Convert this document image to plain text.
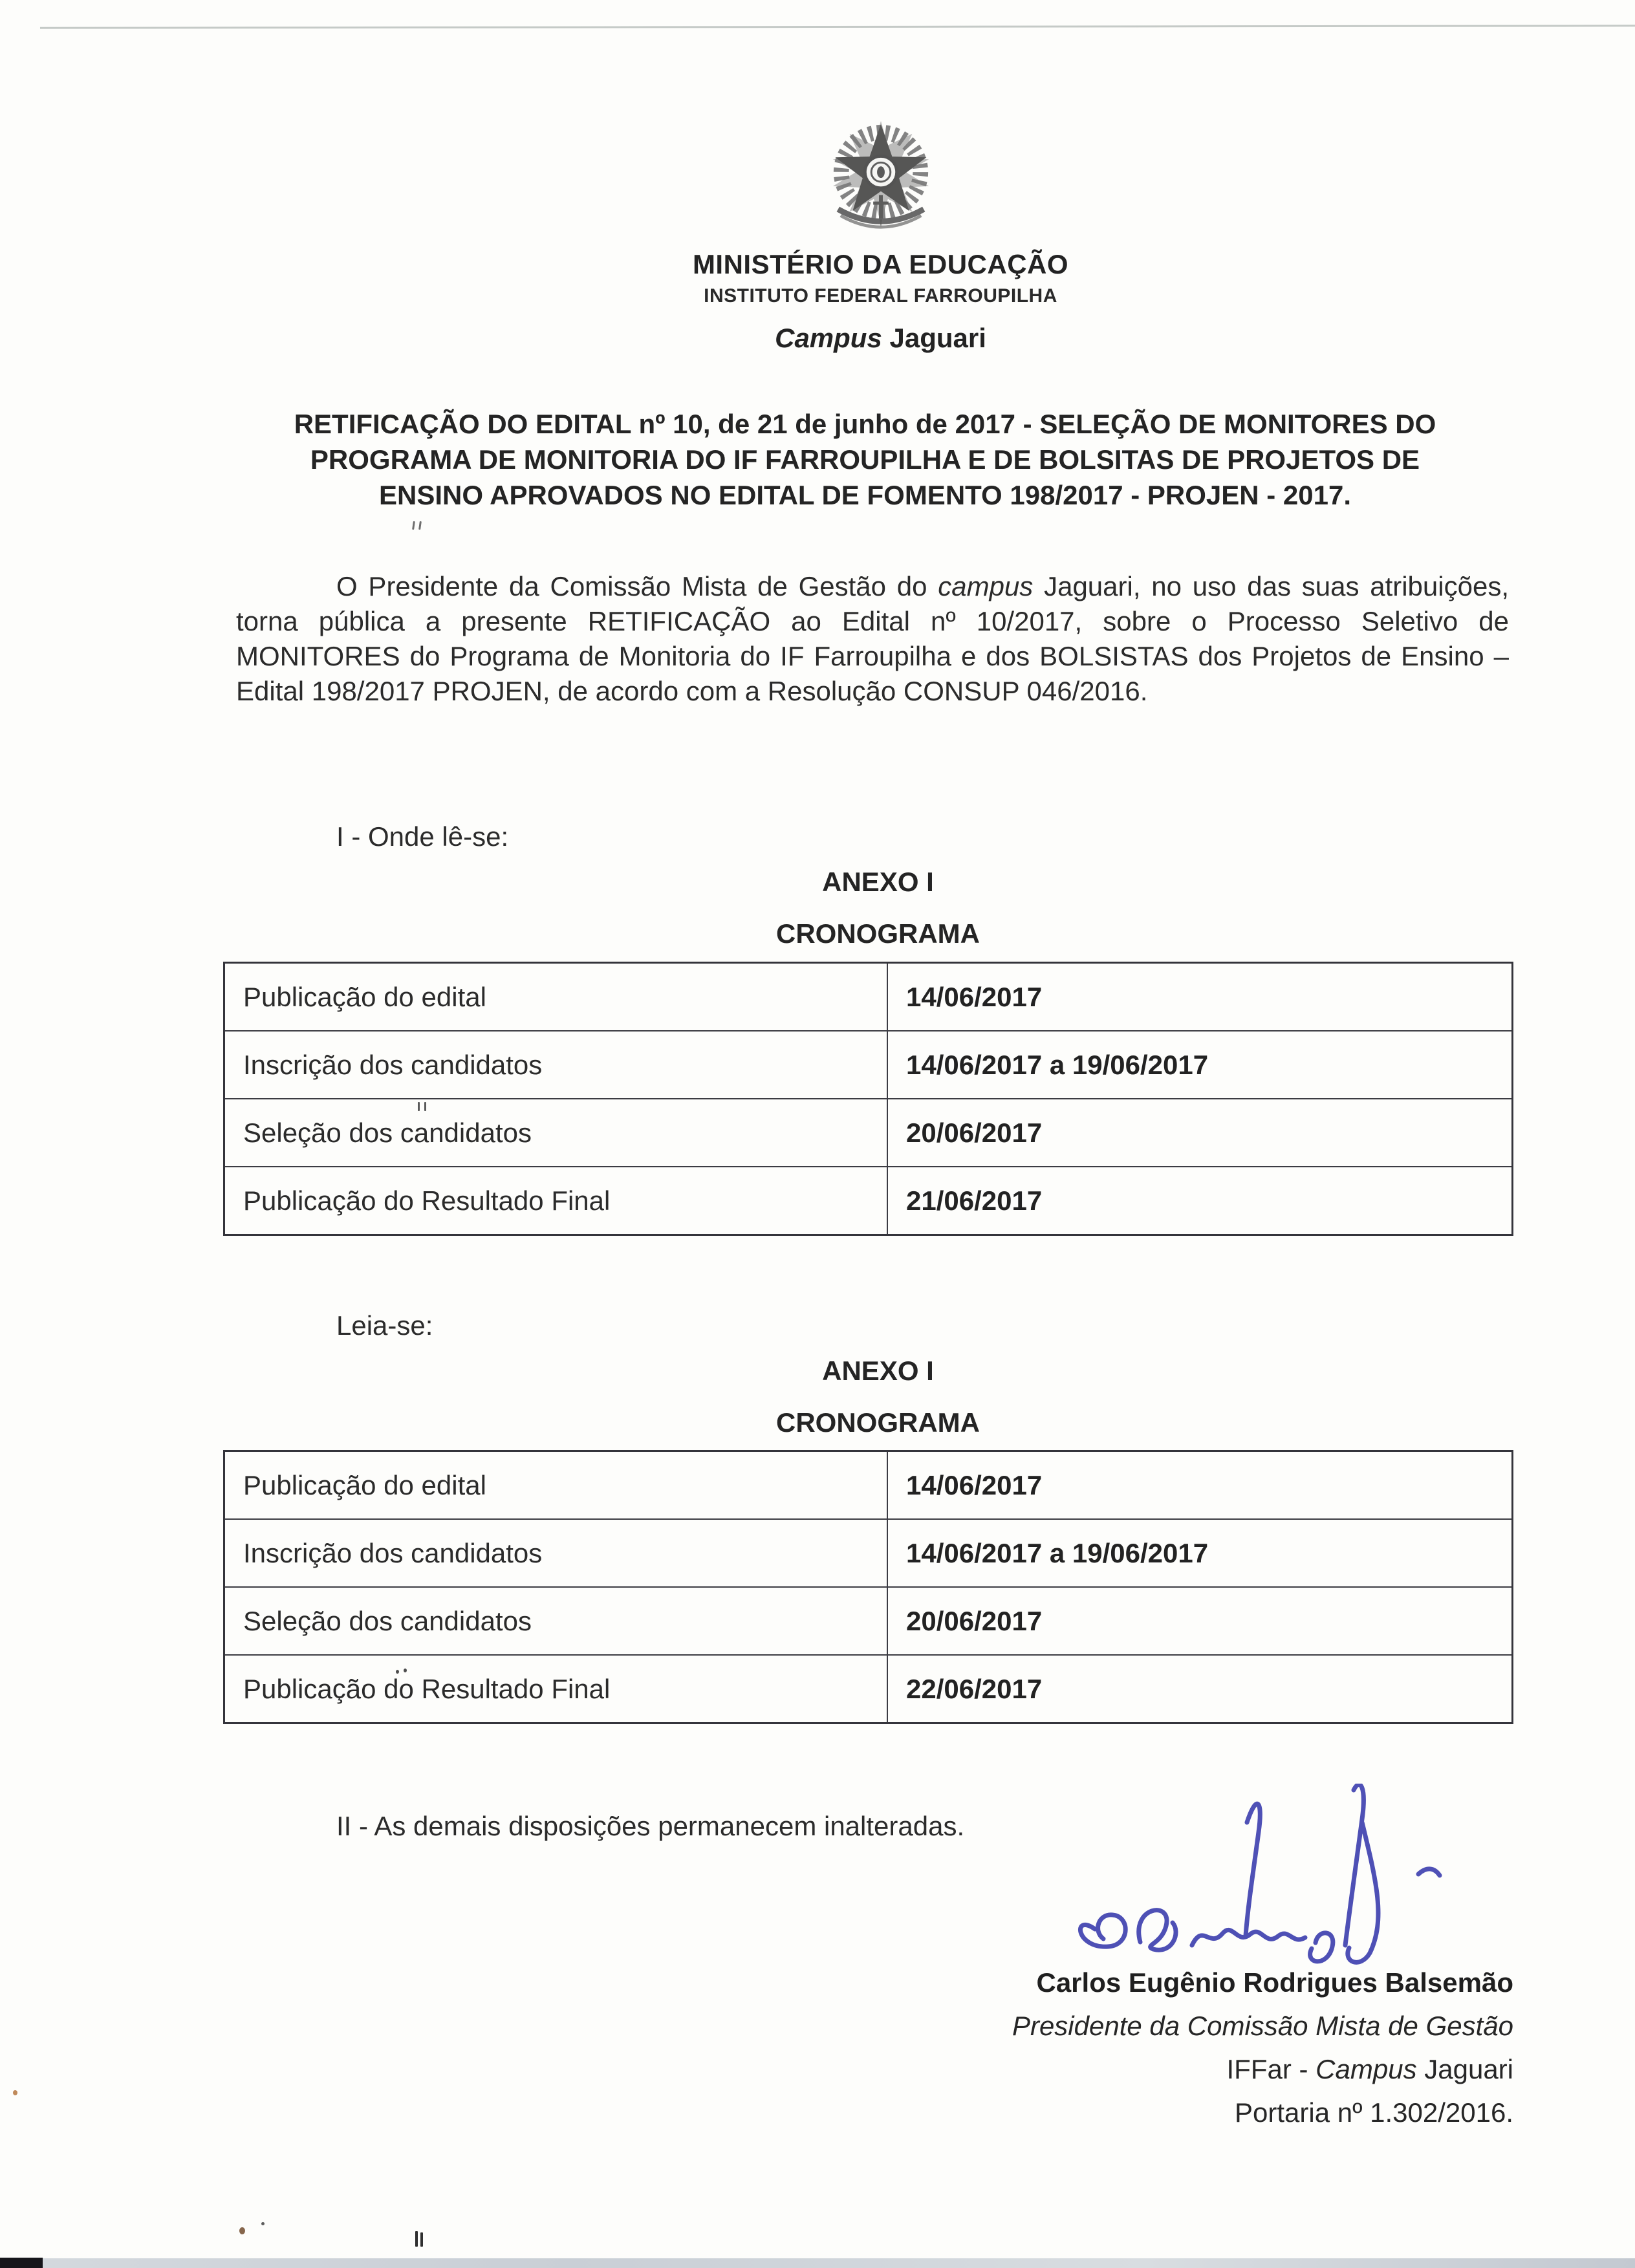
MINISTÉRIO DA EDUCAÇÃO
INSTITUTO FEDERAL FARROUPILHA
Campus Jaguari
RETIFICAÇÃO DO EDITAL nº 10, de 21 de junho de 2017 - SELEÇÃO DE MONITORES DO
PROGRAMA DE MONITORIA DO IF FARROUPILHA E DE BOLSITAS DE PROJETOS DE
ENSINO APROVADOS NO EDITAL DE FOMENTO 198/2017 - PROJEN - 2017.

O Presidente da Comissão Mista de Gestão do campus Jaguari, no uso das suas atribuições, torna pública a presente RETIFICAÇÃO ao Edital nº 10/2017, sobre o Processo Seletivo de MONITORES do Programa de Monitoria do IF Farroupilha e dos BOLSISTAS dos Projetos de Ensino – Edital 198/2017 PROJEN, de acordo com a Resolução CONSUP 046/2016.

I - Onde lê-se:
ANEXO I
CRONOGRAMA
Publicação do edital	14/06/2017
Inscrição dos candidatos	14/06/2017 a 19/06/2017
Seleção dos candidatos	20/06/2017
Publicação do Resultado Final	21/06/2017
Leia-se:
ANEXO I
CRONOGRAMA
Publicação do edital	14/06/2017
Inscrição dos candidatos	14/06/2017 a 19/06/2017
Seleção dos candidatos	20/06/2017
Publicação do Resultado Final	22/06/2017
II - As demais disposições permanecem inalteradas.
Carlos Eugênio Rodrigues Balsemão
Presidente da Comissão Mista de Gestão
IFFar - Campus Jaguari
Portaria nº 1.302/2016.
